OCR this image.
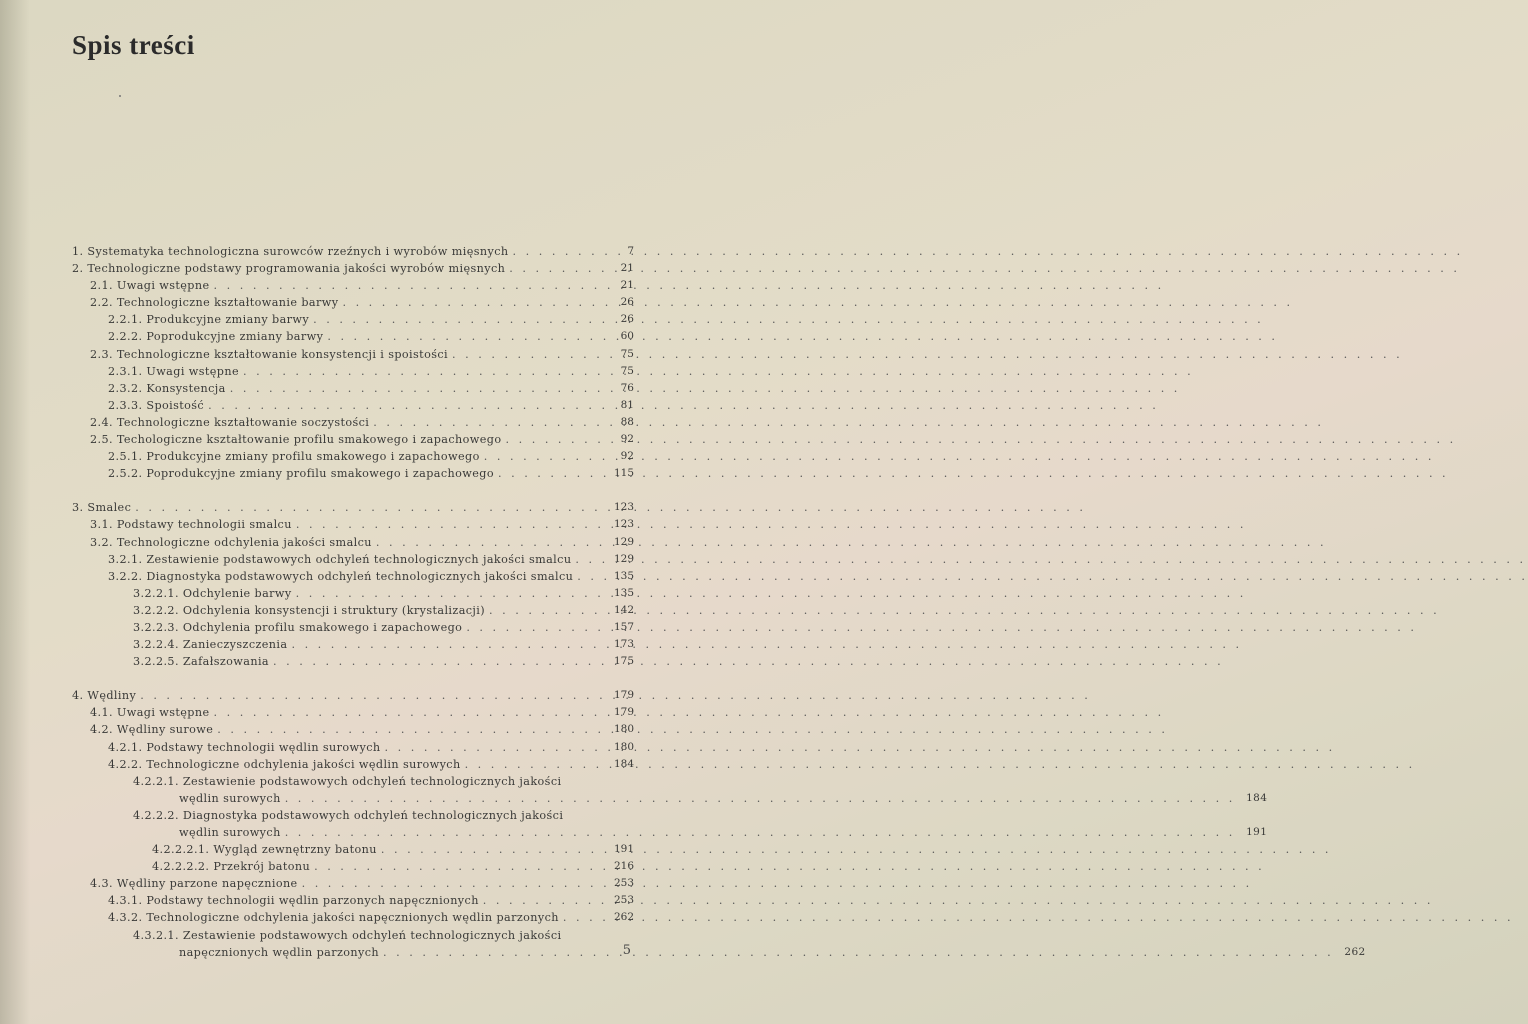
Spis treści
1. Systematyka technologiczna surowców rzeźnych i wyrobów mięsnych . . .	7
2. Technologiczne podstawy programowania jakości wyrobów mięsnych . . .	21
2.1. Uwagi wstępne . . .	21
2.2. Technologiczne kształtowanie barwy . . .	26
2.2.1. Produkcyjne zmiany barwy . . .	26
2.2.2. Poprodukcyjne zmiany barwy . . .	60
2.3. Technologiczne kształtowanie konsystencji i spoistości . . .	75
2.3.1. Uwagi wstępne . . .	75
2.3.2. Konsystencja . . .	76
2.3.3. Spoistość . . .	81
2.4. Technologiczne kształtowanie soczystości . . .	88
2.5. Techologiczne kształtowanie profilu smakowego i zapachowego . . .	92
2.5.1. Produkcyjne zmiany profilu smakowego i zapachowego . . .	92
2.5.2. Poprodukcyjne zmiany profilu smakowego i zapachowego . . .	115
3. Smalec . . .	123
3.1. Podstawy technologii smalcu . . .	123
3.2. Technologiczne odchylenia jakości smalcu . . .	129
3.2.1. Zestawienie podstawowych odchyleń technologicznych jakości smalcu . . .	129
3.2.2. Diagnostyka podstawowych odchyleń technologicznych jakości smalcu . . .	135
3.2.2.1. Odchylenie barwy . . .	135
3.2.2.2. Odchylenia konsystencji i struktury (krystalizacji) . . .	142
3.2.2.3. Odchylenia profilu smakowego i zapachowego . . .	157
3.2.2.4. Zanieczyszczenia . . .	173
3.2.2.5. Zafałszowania . . .	175
4. Wędliny . . .	179
4.1. Uwagi wstępne . . .	179
4.2. Wędliny surowe . . .	180
4.2.1. Podstawy technologii wędlin surowych . . .	180
4.2.2. Technologiczne odchylenia jakości wędlin surowych . . .	184
4.2.2.1. Zestawienie podstawowych odchyleń technologicznych jakości
wędlin surowych . . .	184
4.2.2.2. Diagnostyka podstawowych odchyleń technologicznych jakości
wędlin surowych . . .	191
4.2.2.2.1. Wygląd zewnętrzny batonu . . .	191
4.2.2.2.2. Przekrój batonu . . .	216
4.3. Wędliny parzone napęcznione . . .	253
4.3.1. Podstawy technologii wędlin parzonych napęcznionych . . .	253
4.3.2. Technologiczne odchylenia jakości napęcznionych wędlin parzonych . . .	262
4.3.2.1. Zestawienie podstawowych odchyleń technologicznych jakości
napęcznionych wędlin parzonych . . .	262
5
